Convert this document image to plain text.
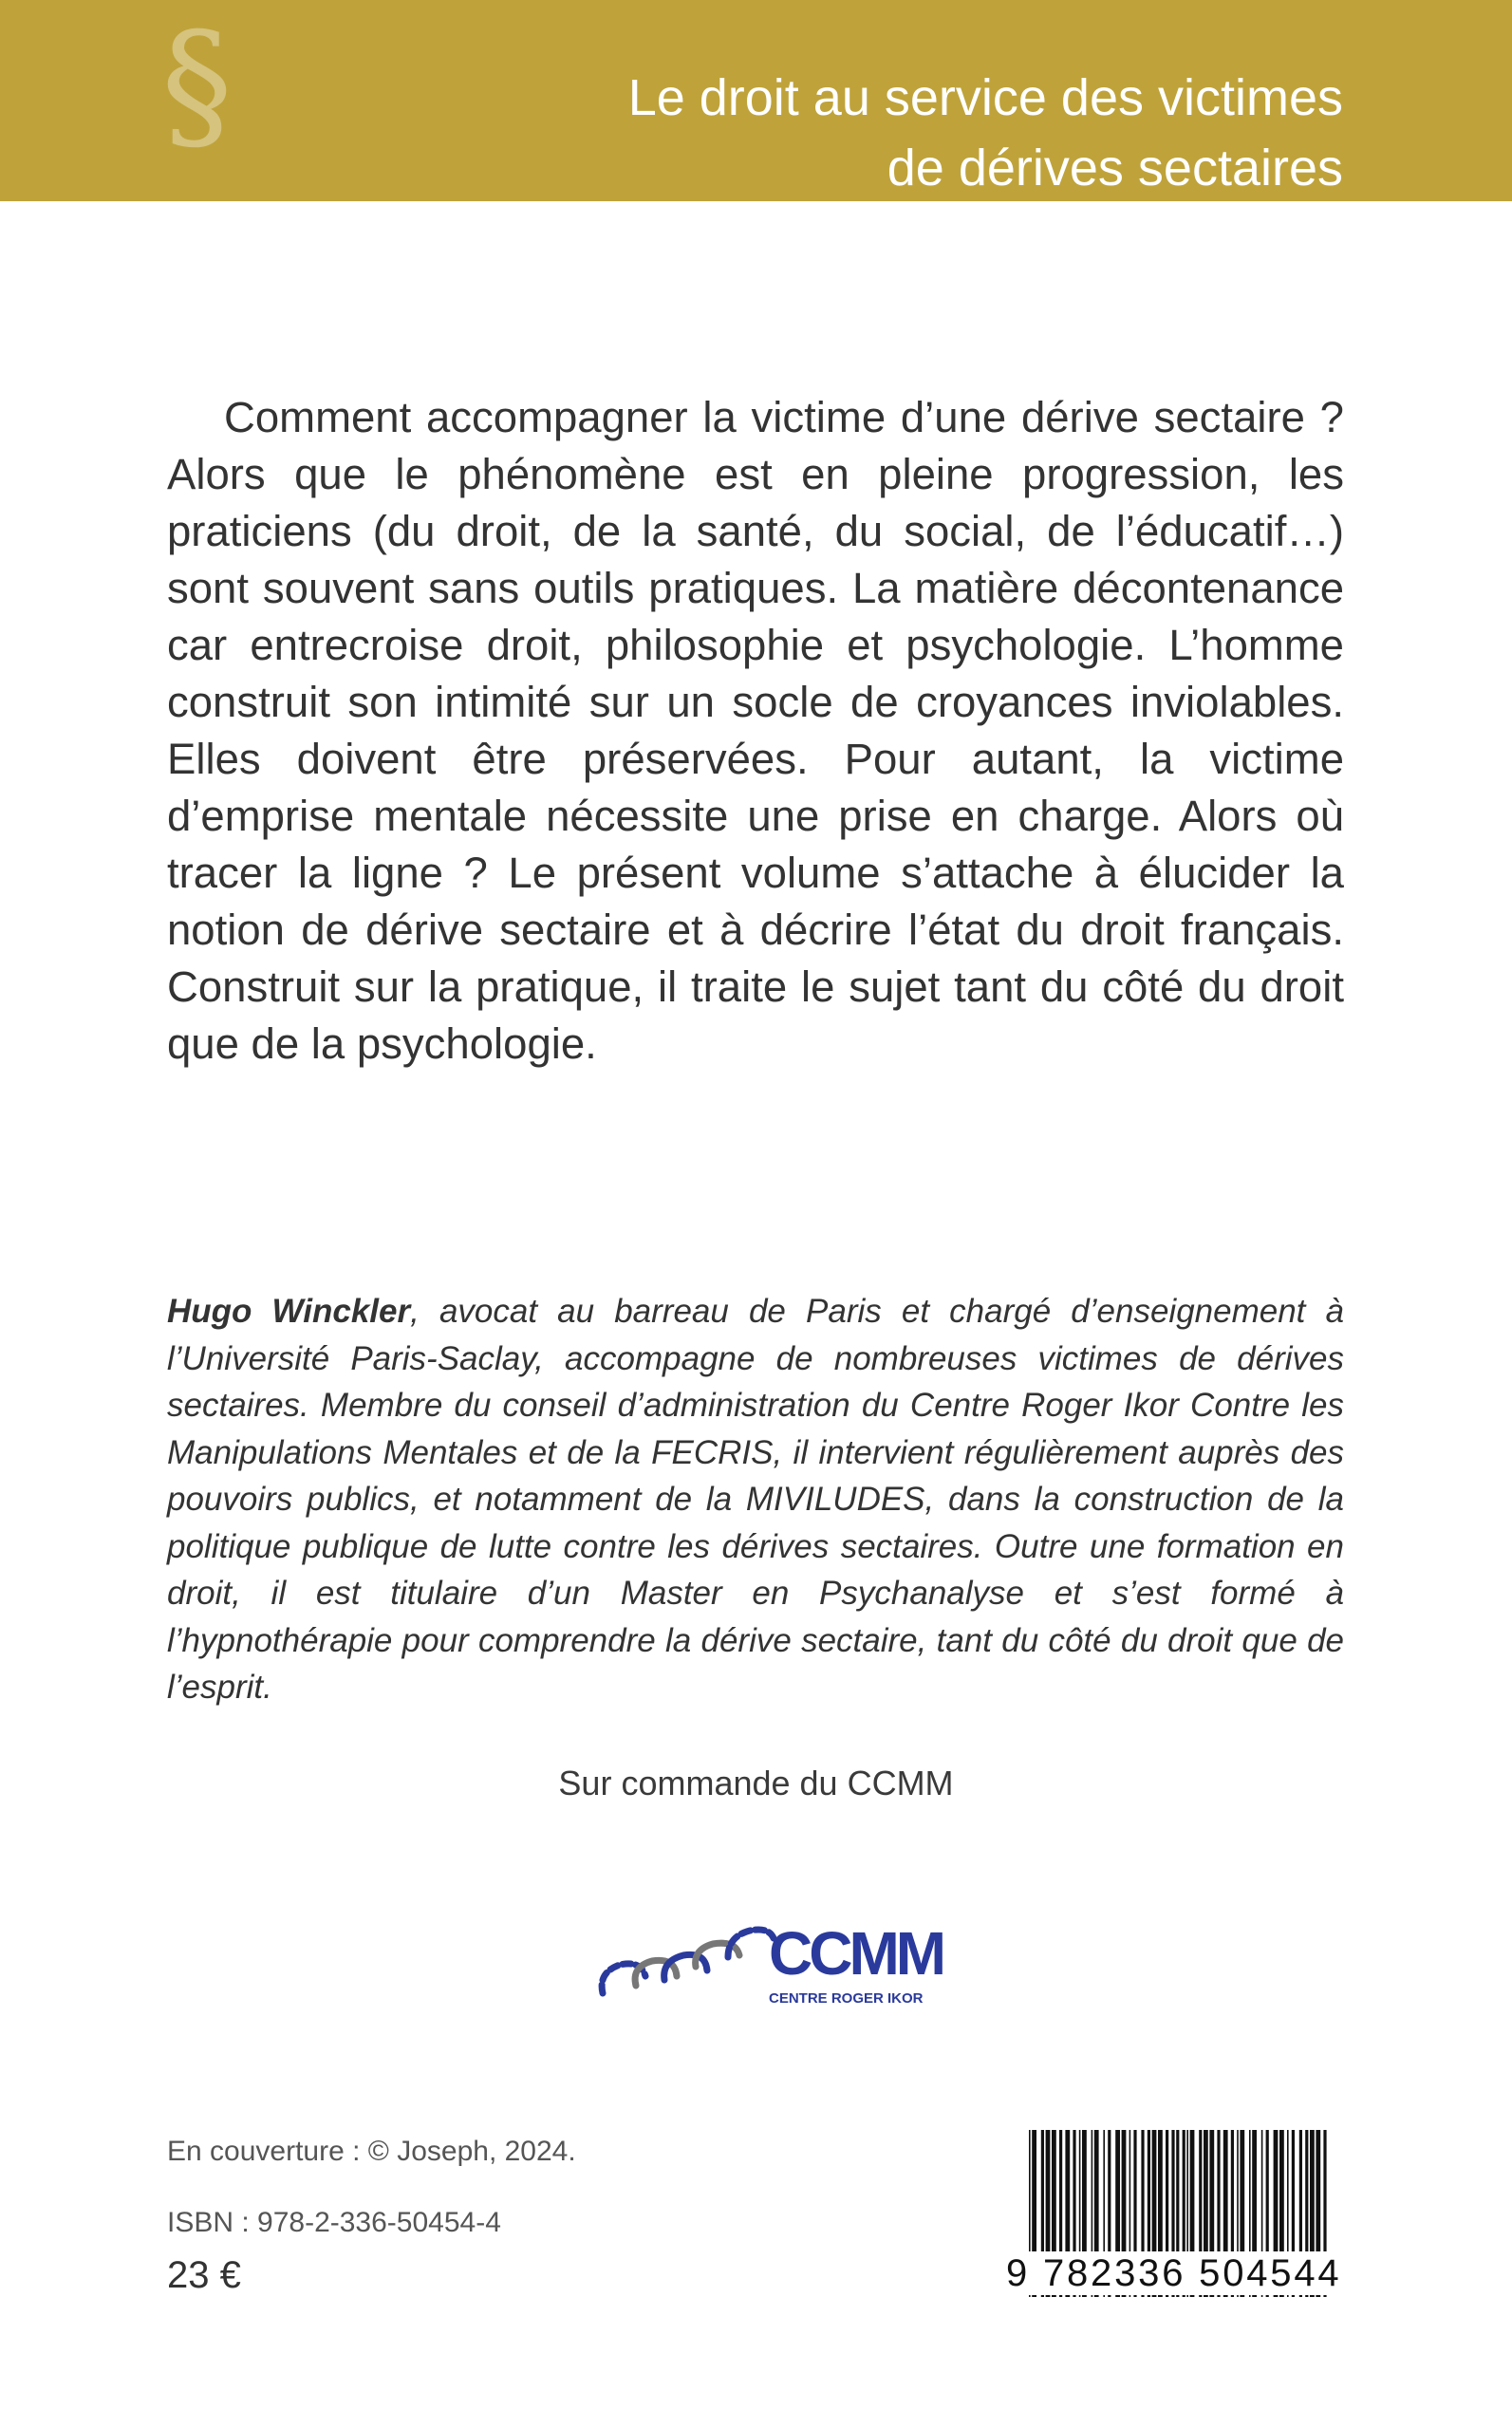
§	Le droit au service des victimes
de dérives sectaires

Comment accompagner la victime d’une dérive sectaire ? Alors que le phénomène est en pleine progression, les praticiens (du droit, de la santé, du social, de l’éducatif…) sont souvent sans outils pratiques. La matière décontenance car entrecroise droit, philosophie et psychologie. L’homme construit son intimité sur un socle de croyances inviolables. Elles doivent être préservées. Pour autant, la victime d’emprise mentale nécessite une prise en charge. Alors où tracer la ligne ? Le présent volume s’attache à élucider la notion de dérive sectaire et à décrire l’état du droit français. Construit sur la pratique, il traite le sujet tant du côté du droit que de la psychologie.

Hugo Winckler, avocat au barreau de Paris et chargé d’enseignement à l’Université Paris-Saclay, accompagne de nombreuses victimes de dérives sectaires. Membre du conseil d’administration du Centre Roger Ikor Contre les Manipulations Mentales et de la FECRIS, il intervient régulièrement auprès des pouvoirs publics, et notamment de la MIVILUDES, dans la construction de la politique publique de lutte contre les dérives sectaires. Outre une formation en droit, il est titulaire d’un Master en Psychanalyse et s’est formé à l’hypnothérapie pour comprendre la dérive sectaire, tant du côté du droit que de l’esprit.

Sur commande du CCMM
CCMM
CENTRE ROGER IKOR
En couverture : © Joseph, 2024.
ISBN : 978-2-336-50454-4
23 €	9 782336 504544
